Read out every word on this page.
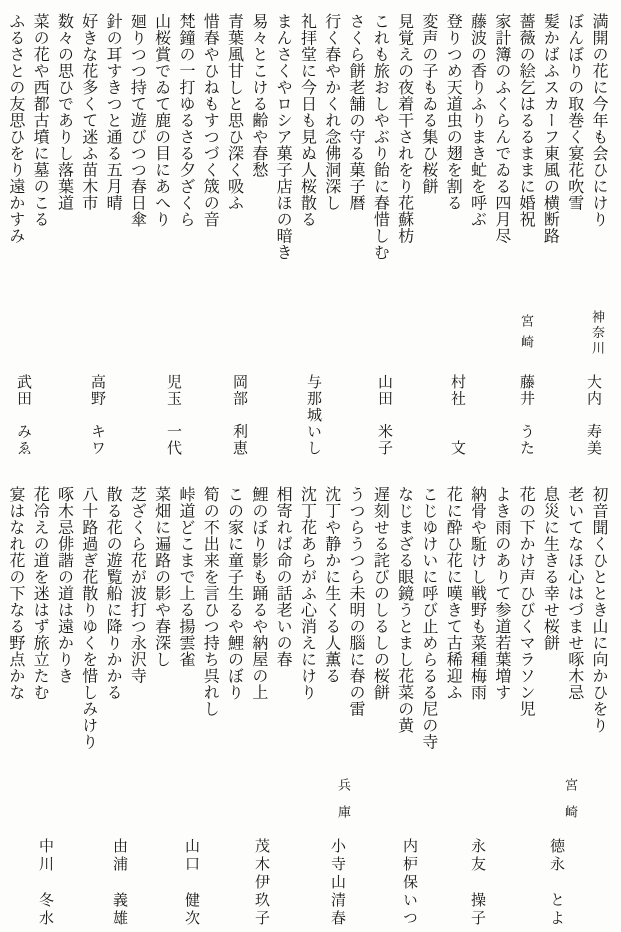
満開の花に今年も会ひにけり
ぼんぼりの取巻く宴花吹雪
髪かばふスカーフ東風の横断路
薔薇の絵乞はるるままに婚祝
家計簿のふくらんでゐる四月尽
藤波の香りふりまき虻を呼ぶ
登りつめ天道虫の翅を割る
変声の子もゐる集ひ桜餅
見覚えの夜着干されをり花蘇枋
これも旅おしやぶり飴に春惜しむ
さくら餅老舗の守る菓子暦
行く春やかくれ念佛洞深し
礼拝堂に今日も見ぬ人桜散る
まんさくやロシア菓子店ほの暗き
易々とこける齢や春愁
青葉風甘しと思ひ深く吸ふ
惜春やひねもすつづく筬の音
梵鐘の一打ゆるさる夕ざくら
山桜賞でゐて鹿の目にあへり
廻りつつ持て遊びつつ春日傘
針の耳すきつと通る五月晴
好きな花多くて迷ふ苗木市
数々の思ひでありし落葉道
菜の花や西都古墳に墓のこる
ふるさとの友思ひをり遠かすみ
神奈川
宮崎
大内　寿美
藤井　うた
村社　　文
山田　米子
与那城いし
岡部　利恵
児玉　一代
高野　キワ
武田　みゑ
初音聞くひととき山に向かひをり
老いてなほ心はづませ啄木忌
息災に生きる幸せ桜餅
花の下かけ声ひびくマラソン児
よき雨のありて参道若葉増す
納骨や駈けし戦野も菜種梅雨
花に酔ひ花に嘆きて古稀迎ふ
こじゆけいに呼び止めらるる尼の寺
なじまざる眼鏡うとまし花菜の黄
遅刻せる詫びのしるしの桜餅
うつらうつら未明の腦に春の雷
沈丁や静かに生くる人薫る
沈丁花あらがふ心消えにけり
相寄れば命の話老いの春
鯉のぼり影も踊るや納屋の上
この家に童子生るや鯉のぼり
筍の不出来を言ひつ持ち呉れし
峠道どこまで上る揚雲雀
菜畑に遍路の影や春深し
芝ざくら花が波打つ永沢寺
散る花の遊覧船に降りかかる
八十路過ぎ花散りゆくを惜しみけり
啄木忌俳諧の道は遠かりき
花冷えの道を迷はず旅立たむ
宴はなれ花の下なる野点かな
宮崎
兵庫
徳永　とよ
永友　操子
内枦保いつ
小寺山清春
茂木伊玖子
山口　健次
由浦　義雄
中川　冬水
